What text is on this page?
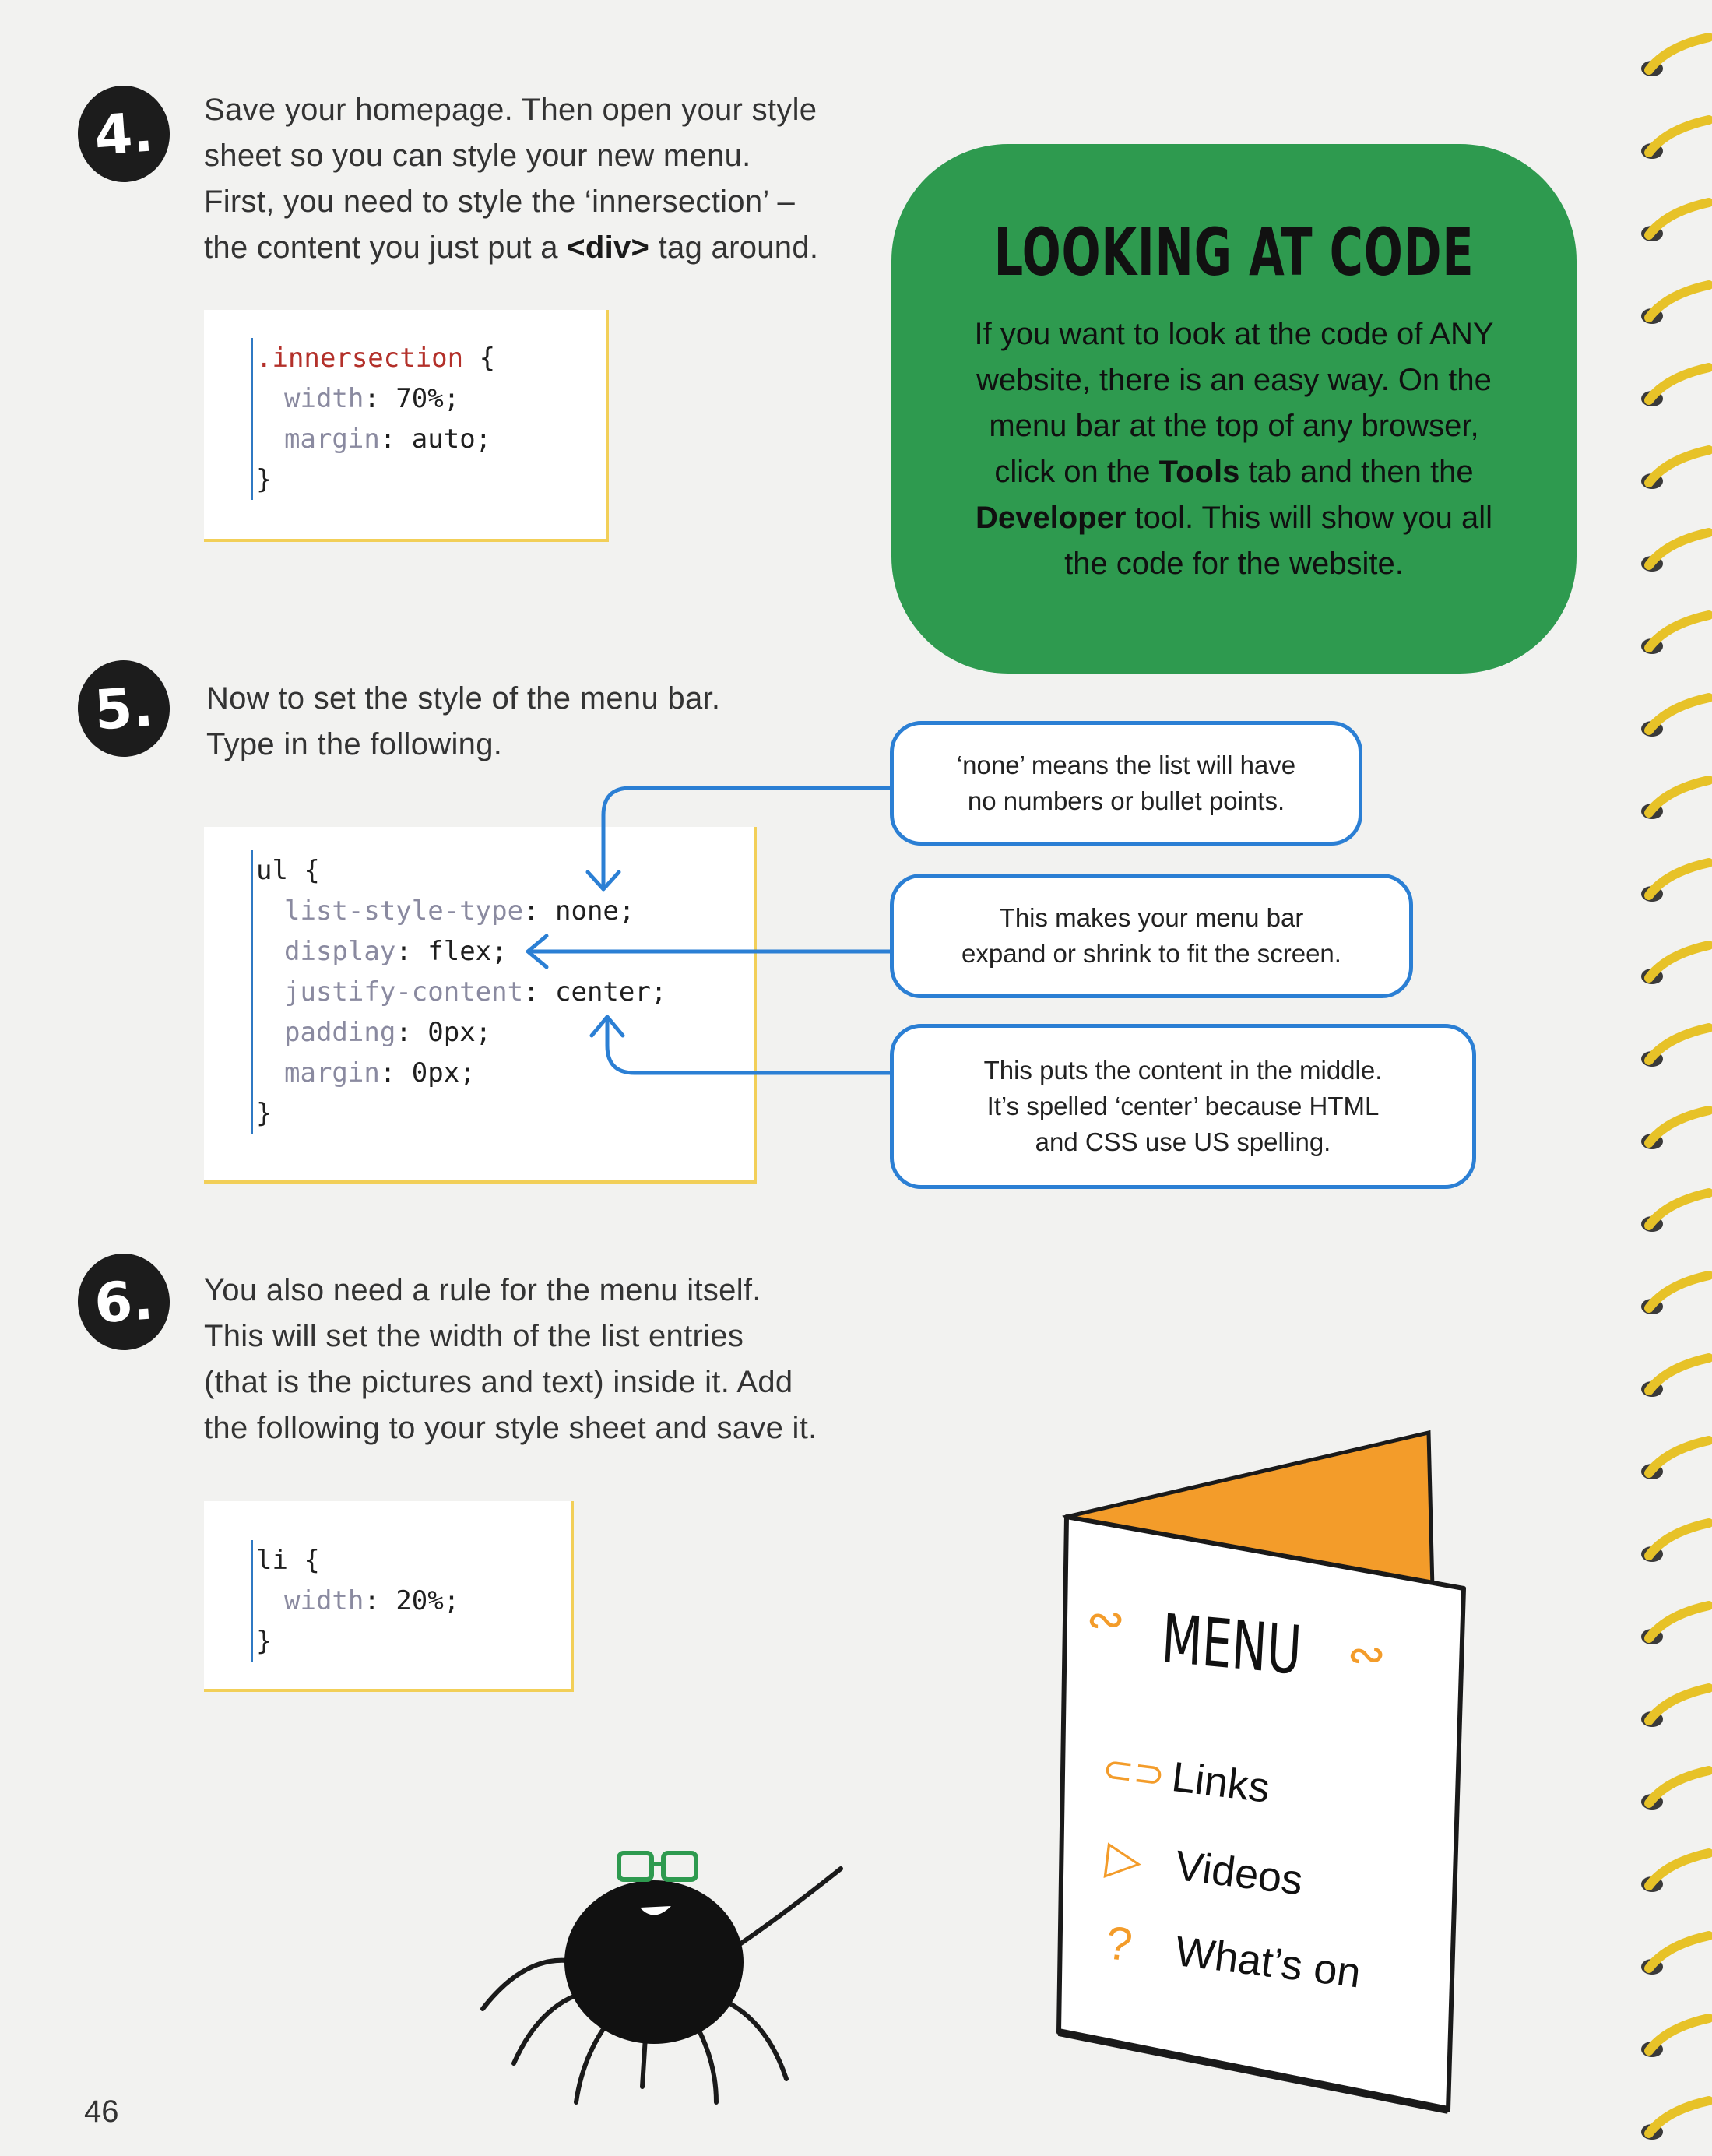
4. Save your homepage. Then open your style
sheet so you can style your new menu.
First, you need to style the ‘innersection’ –
the content you just put a <div> tag around.
.innersection {
width: 70%;
margin: auto;
}
LOOKING AT CODE
If you want to look at the code of ANY
website, there is an easy way. On the
menu bar at the top of any browser,
click on the Tools tab and then the
Developer tool. This will show you all
the code for the website.
5. Now to set the style of the menu bar.
Type in the following.
ul {
list-style-type: none;
display: flex;
justify-content: center;
padding: 0px;
margin: 0px;
}
‘none’ means the list will have
no numbers or bullet points.
This makes your menu bar
expand or shrink to fit the screen.
This puts the content in the middle.
It’s spelled ‘center’ because HTML
and CSS use US spelling.
6. You also need a rule for the menu itself.
This will set the width of the list entries
(that is the pictures and text) inside it. Add
the following to your style sheet and save it.
li {
width: 20%;
}	∾ MENU ∾
⊂⊃ Links
▷ Videos
? What’s on
46
